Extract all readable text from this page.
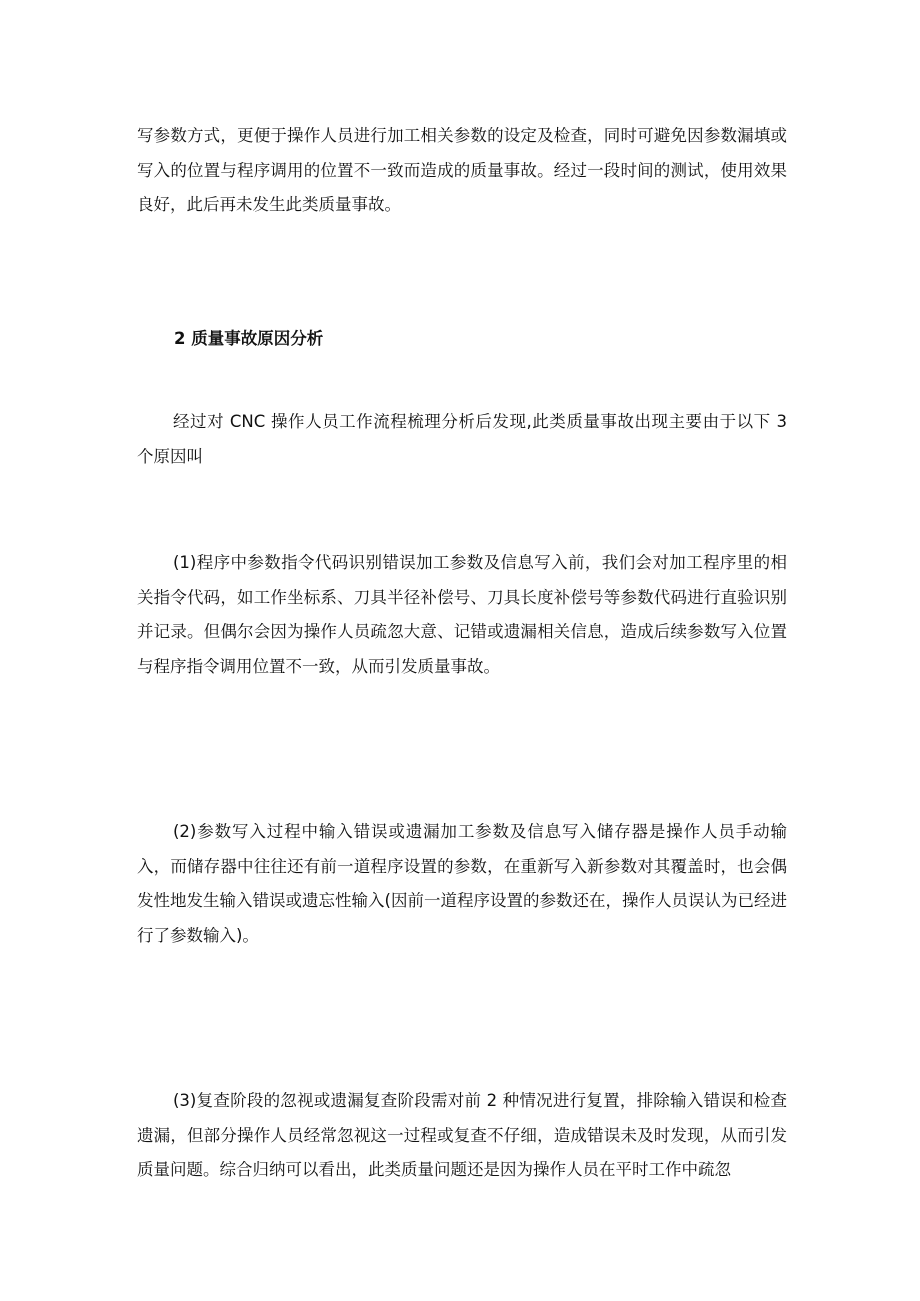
写参数方式，更便于操作人员进行加工相关参数的设定及检查，同时可避免因参数漏填或写入的位置与程序调用的位置不一致而造成的质量事故。经过一段时间的测试，使用效果良好，此后再未发生此类质量事故。

2 质量事故原因分析

经过对 CNC 操作人员工作流程梳理分析后发现,此类质量事故出现主要由于以下 3 个原因叫

(1)程序中参数指令代码识别错误加工参数及信息写入前，我们会对加工程序里的相关指令代码，如工作坐标系、刀具半径补偿号、刀具长度补偿号等参数代码进行直验识别并记录。但偶尔会因为操作人员疏忽大意、记错或遗漏相关信息，造成后续参数写入位置与程序指令调用位置不一致，从而引发质量事故。

(2)参数写入过程中输入错误或遗漏加工参数及信息写入储存器是操作人员手动输入，而储存器中往往还有前一道程序设置的参数，在重新写入新参数对其覆盖时，也会偶发性地发生输入错误或遗忘性输入(因前一道程序设置的参数还在，操作人员误认为已经进行了参数输入)。

(3)复查阶段的忽视或遗漏复查阶段需对前 2 种情况进行复置，排除输入错误和检查遗漏，但部分操作人员经常忽视这一过程或复查不仔细，造成错误未及时发现，从而引发质量问题。综合归纳可以看出，此类质量问题还是因为操作人员在平时工作中疏忽
